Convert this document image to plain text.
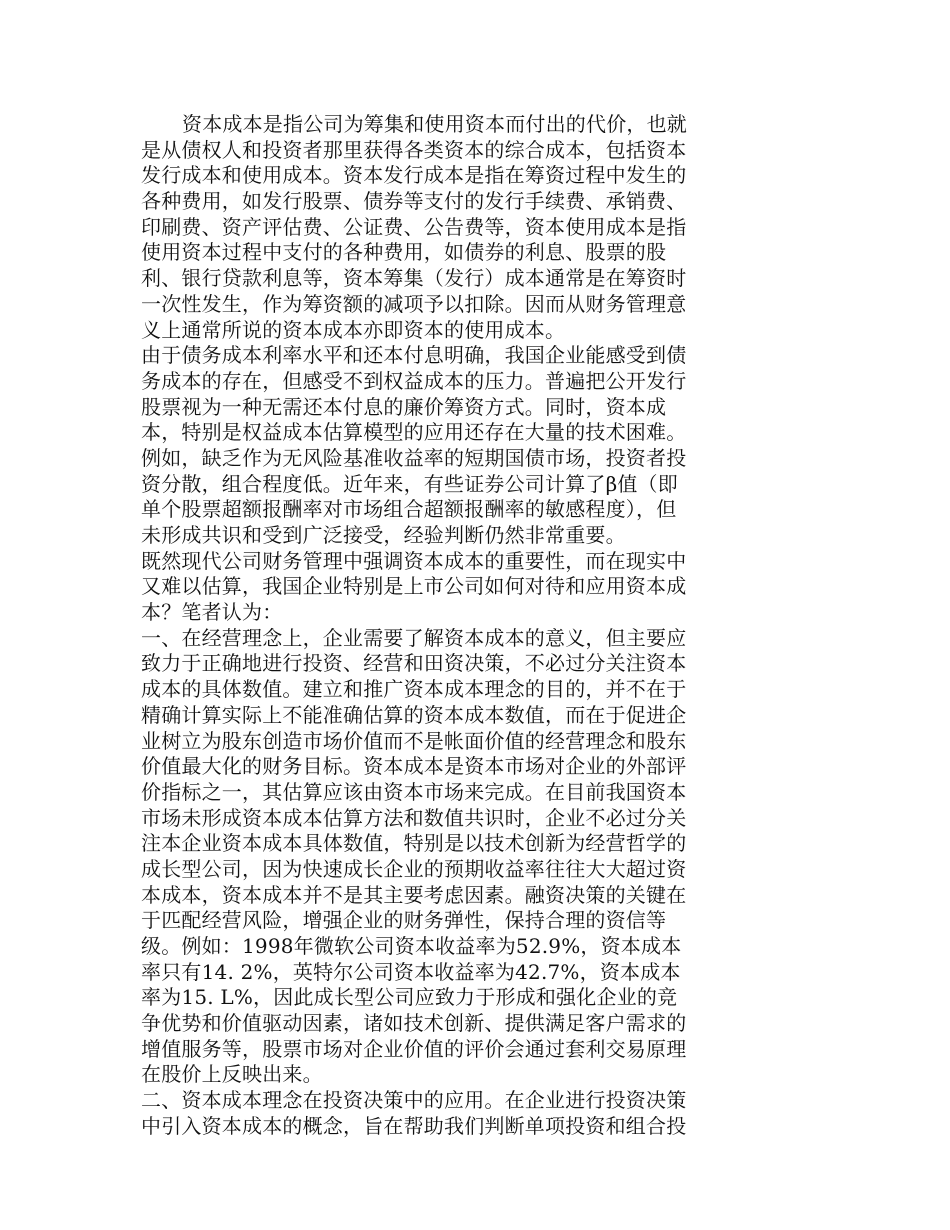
资本成本是指公司为筹集和使用资本而付出的代价，也就
是从债权人和投资者那里获得各类资本的综合成本，包括资本
发行成本和使用成本。资本发行成本是指在筹资过程中发生的
各种费用，如发行股票、债券等支付的发行手续费、承销费、
印刷费、资产评估费、公证费、公告费等，资本使用成本是指
使用资本过程中支付的各种费用，如债券的利息、股票的股
利、银行贷款利息等，资本筹集（发行）成本通常是在筹资时
一次性发生，作为筹资额的减项予以扣除。因而从财务管理意
义上通常所说的资本成本亦即资本的使用成本。
由于债务成本利率水平和还本付息明确，我国企业能感受到债
务成本的存在，但感受不到权益成本的压力。普遍把公开发行
股票视为一种无需还本付息的廉价筹资方式。同时，资本成
本，特别是权益成本估算模型的应用还存在大量的技术困难。
例如，缺乏作为无风险基准收益率的短期国债市场，投资者投
资分散，组合程度低。近年来，有些证券公司计算了β值（即
单个股票超额报酬率对市场组合超额报酬率的敏感程度），但
未形成共识和受到广泛接受，经验判断仍然非常重要。
既然现代公司财务管理中强调资本成本的重要性，而在现实中
又难以估算，我国企业特别是上市公司如何对待和应用资本成
本？笔者认为：
一、在经营理念上，企业需要了解资本成本的意义，但主要应
致力于正确地进行投资、经营和田资决策，不必过分关注资本
成本的具体数值。建立和推广资本成本理念的目的，并不在于
精确计算实际上不能准确估算的资本成本数值，而在于促进企
业树立为股东创造市场价值而不是帐面价值的经营理念和股东
价值最大化的财务目标。资本成本是资本市场对企业的外部评
价指标之一，其估算应该由资本市场来完成。在目前我国资本
市场未形成资本成本估算方法和数值共识时，企业不必过分关
注本企业资本成本具体数值，特别是以技术创新为经营哲学的
成长型公司，因为快速成长企业的预期收益率往往大大超过资
本成本，资本成本并不是其主要考虑因素。融资决策的关键在
于匹配经营风险，增强企业的财务弹性，保持合理的资信等
级。例如：1998年微软公司资本收益率为52.9%，资本成本
率只有14. 2%，英特尔公司资本收益率为42.7%，资本成本
率为15. L%，因此成长型公司应致力于形成和强化企业的竞
争优势和价值驱动因素，诸如技术创新、提供满足客户需求的
增值服务等，股票市场对企业价值的评价会通过套利交易原理
在股价上反映出来。
二、资本成本理念在投资决策中的应用。在企业进行投资决策
中引入资本成本的概念，旨在帮助我们判断单项投资和组合投
